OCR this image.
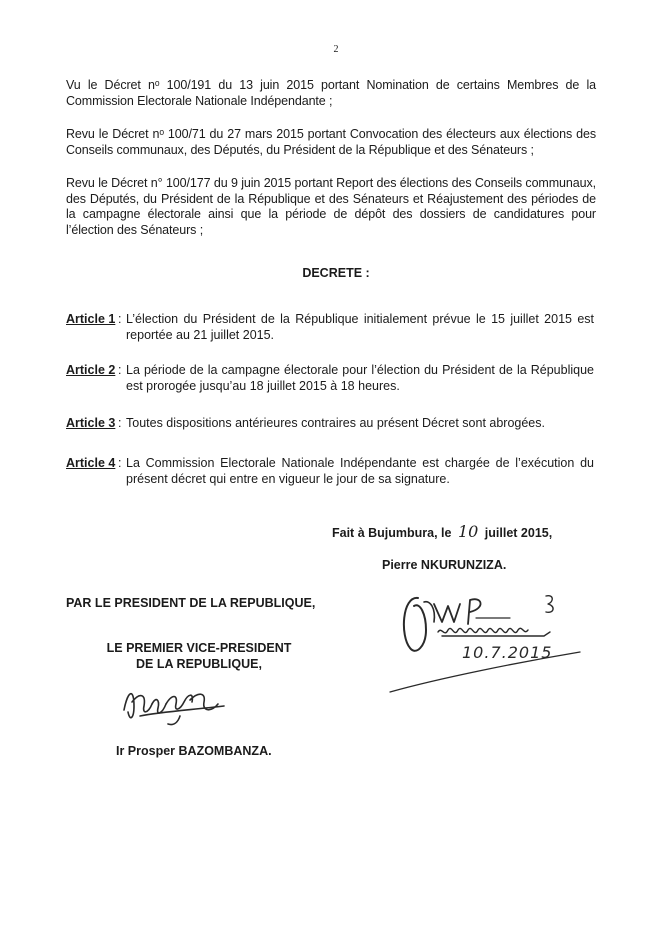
2
Vu le Décret nᵒ 100/191 du 13 juin 2015 portant Nomination de certains Membres de la Commission Electorale Nationale Indépendante ;
Revu le Décret nᵒ 100/71 du 27 mars 2015 portant Convocation des électeurs aux élections des Conseils communaux, des Députés, du Président de la République et des Sénateurs ;
Revu le Décret n° 100/177 du 9 juin 2015 portant Report des élections des Conseils communaux, des Députés, du Président de la République et des Sénateurs et Réajustement des périodes de la campagne électorale ainsi que la période de dépôt des dossiers de candidatures pour l’élection des Sénateurs ;
DECRETE :
Article 1 : L’élection du Président de la République initialement prévue le 15 juillet 2015 est reportée au 21 juillet 2015.
Article 2 : La période de la campagne électorale pour l’élection du Président de la République est prorogée jusqu’au 18 juillet 2015 à 18 heures.
Article 3 : Toutes dispositions antérieures contraires au présent Décret sont abrogées.
Article 4 : La Commission Electorale Nationale Indépendante est chargée de l’exécution du présent décret qui entre en vigueur le jour de sa signature.
Fait à Bujumbura, le 10 juillet 2015,
Pierre NKURUNZIZA.
10.7.2015
PAR LE PRESIDENT DE LA REPUBLIQUE,
LE PREMIER VICE-PRESIDENT
DE LA REPUBLIQUE,
Ir Prosper BAZOMBANZA.
